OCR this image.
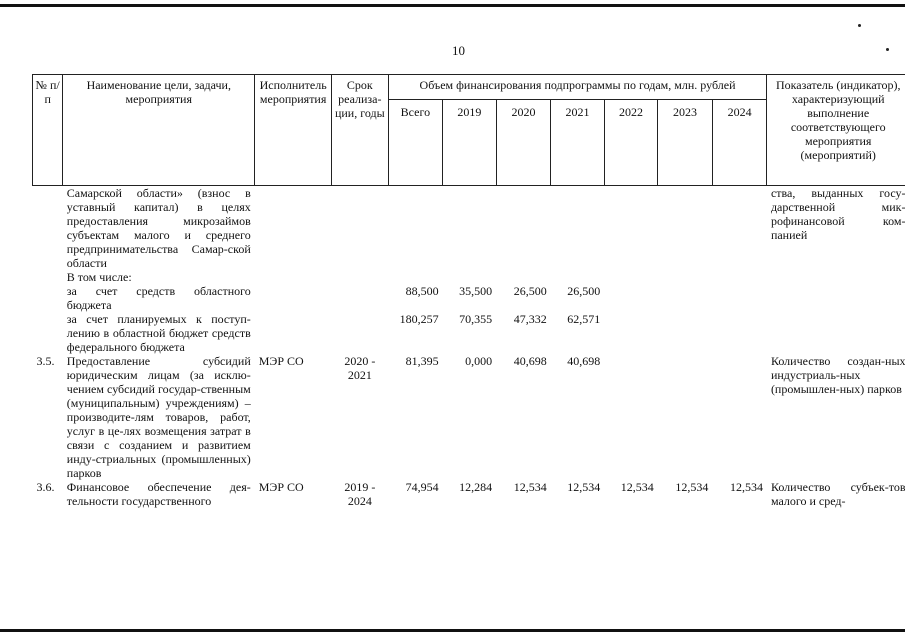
10
№ п/п	Наименование цели, задачи, мероприятия	Исполнитель мероприятия	Срок реализа-ции, годы	Объем финансирования подпрограммы по годам, млн. рублей							Показатель (индикатор), характеризующий выполнение соответствующего мероприятия (мероприятий)
				Всего	2019	2020	2021	2022	2023	2024	
	Самарской области» (взнос в уставный капитал) в целях предоставления микрозаймов субъектам малого и среднего предпринимательства Самар-ской области										ства, выданных госу-дарственной мик-рофинансовой ком-панией
	В том числе:										
	за счет средств областного бюджета			88,500	35,500	26,500	26,500				
	за счет планируемых к поступ-лению в областной бюджет средств федерального бюджета			180,257	70,355	47,332	62,571				
3.5.	Предоставление субсидий юридическим лицам (за исклю-чением субсидий государ-ственным (муниципальным) учреждениям) – производите-лям товаров, работ, услуг в це-лях возмещения затрат в связи с созданием и развитием инду-стриальных (промышленных) парков	МЭР СО	2020 - 2021	81,395	0,000	40,698	40,698				Количество создан-ных индустриаль-ных (промышлен-ных) парков
3.6.	Финансовое обеспечение дея-тельности государственного	МЭР СО	2019 - 2024	74,954	12,284	12,534	12,534	12,534	12,534	12,534	Количество субъек-тов малого и сред-
